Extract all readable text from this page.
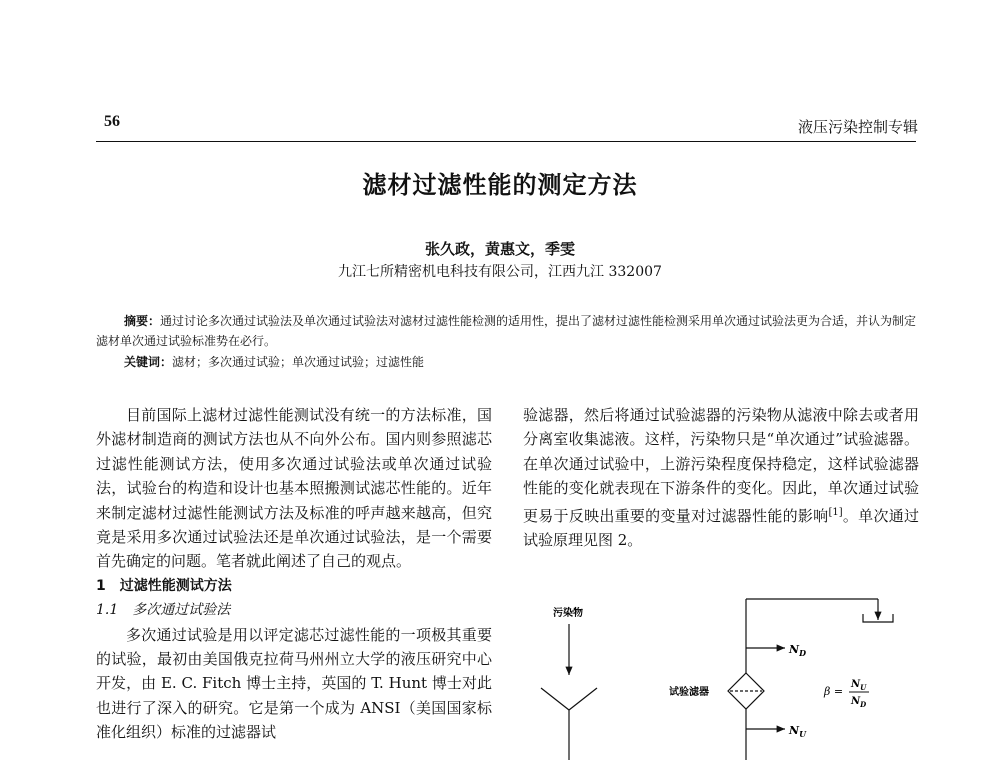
56	液压污染控制专辑
滤材过滤性能的测定方法
张久政，黄惠文，季雯
九江七所精密机电科技有限公司，江西九江 332007
摘要：通过讨论多次通过试验法及单次通过试验法对滤材过滤性能检测的适用性，提出了滤材过滤性能检测采用单次通过试验法更为合适，并认为制定滤材单次通过试验标准势在必行。
关键词：滤材；多次通过试验；单次通过试验；过滤性能

目前国际上滤材过滤性能测试没有统一的方法标准，国外滤材制造商的测试方法也从不向外公布。国内则参照滤芯过滤性能测试方法，使用多次通过试验法或单次通过试验法，试验台的构造和设计也基本照搬测试滤芯性能的。近年来制定滤材过滤性能测试方法及标准的呼声越来越高，但究竟是采用多次通过试验法还是单次通过试验法，是一个需要首先确定的问题。笔者就此阐述了自己的观点。

1　过滤性能测试方法

1.1　多次通过试验法

多次通过试验是用以评定滤芯过滤性能的一项极其重要的试验，最初由美国俄克拉荷马州州立大学的液压研究中心开发，由 E. C. Fitch 博士主持，英国的 T. Hunt 博士对此也进行了深入的研究。它是第一个成为 ANSI（美国国家标准化组织）标准的过滤器试

验滤器，然后将通过试验滤器的污染物从滤液中除去或者用分离室收集滤液。这样，污染物只是“单次通过”试验滤器。在单次通过试验中，上游污染程度保持稳定，这样试验滤器性能的变化就表现在下游条件的变化。因此，单次通过试验更易于反映出重要的变量对过滤器性能的影响[1]。单次通过试验原理见图 2。

污染物
$N_D$
试验滤器	β =
$N_U$
$N_D$
$N_U$
